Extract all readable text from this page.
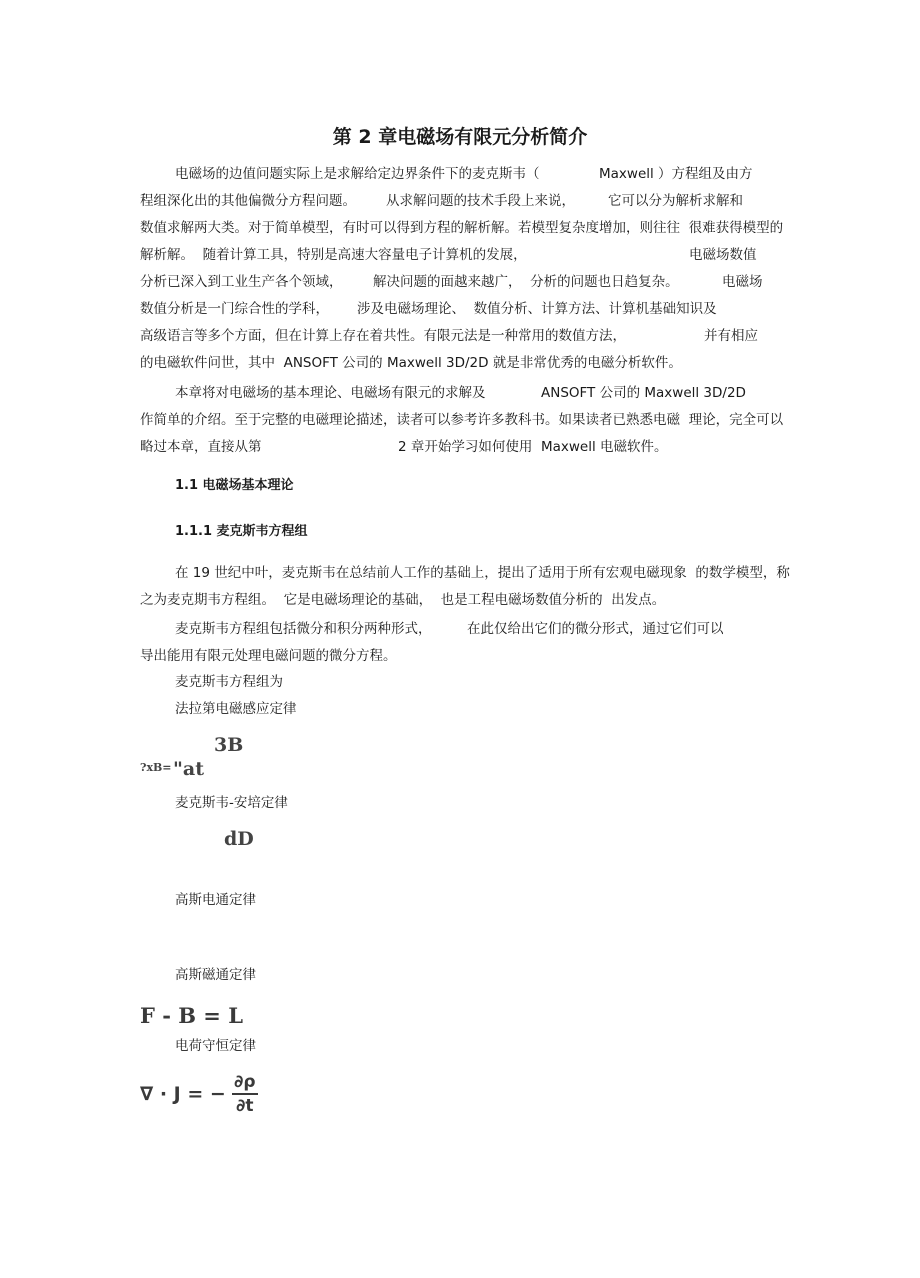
第 2 章电磁场有限元分析简介
电磁场的边值问题实际上是求解给定边界条件下的麦克斯韦（	Maxwell ）方程组及由方
程组深化出的其他偏微分方程问题。 从求解问题的技术手段上来说， 它可以分为解析求解和
数值求解两大类。对于简单模型，有时可以得到方程的解析解。若模型复杂度增加，则往往  很难获得模型的
解析解。  随着计算工具，特别是高速大容量电子计算机的发展，	电磁场数值
分析已深入到工业生产各个领域， 解决问题的面越来越广，  分析的问题也日趋复杂。	电磁场
数值分析是一门综合性的学科， 涉及电磁场理论、  数值分析、计算方法、计算机基础知识及
高级语言等多个方面，但在计算上存在着共性。有限元法是一种常用的数值方法，	并有相应
的电磁软件问世，其中  ANSOFT 公司的 Maxwell 3D/2D 就是非常优秀的电磁分析软件。
本章将对电磁场的基本理论、电磁场有限元的求解及	ANSOFT 公司的 Maxwell 3D/2D
作简单的介绍。至于完整的电磁理论描述，读者可以参考许多教科书。如果读者已熟悉电磁  理论，完全可以
略过本章，直接从第	2 章开始学习如何使用  Maxwell 电磁软件。
1.1 电磁场基本理论
1.1.1 麦克斯韦方程组
在 19 世纪中叶，麦克斯韦在总结前人工作的基础上，提出了适用于所有宏观电磁现象  的数学模型，称
之为麦克期韦方程组。  它是电磁场理论的基础，  也是工程电磁场数值分析的  出发点。
麦克斯韦方程组包括微分和积分两种形式，	在此仅给出它们的微分形式，通过它们可以
导出能用有限元处理电磁问题的微分方程。
麦克斯韦方程组为
法拉第电磁感应定律
3B
?xB= "at
麦克斯韦-安培定律
dD
高斯电通定律
高斯磁通定律
F - B = L
电荷守恒定律
∇ · J = −
∂ρ
∂t
